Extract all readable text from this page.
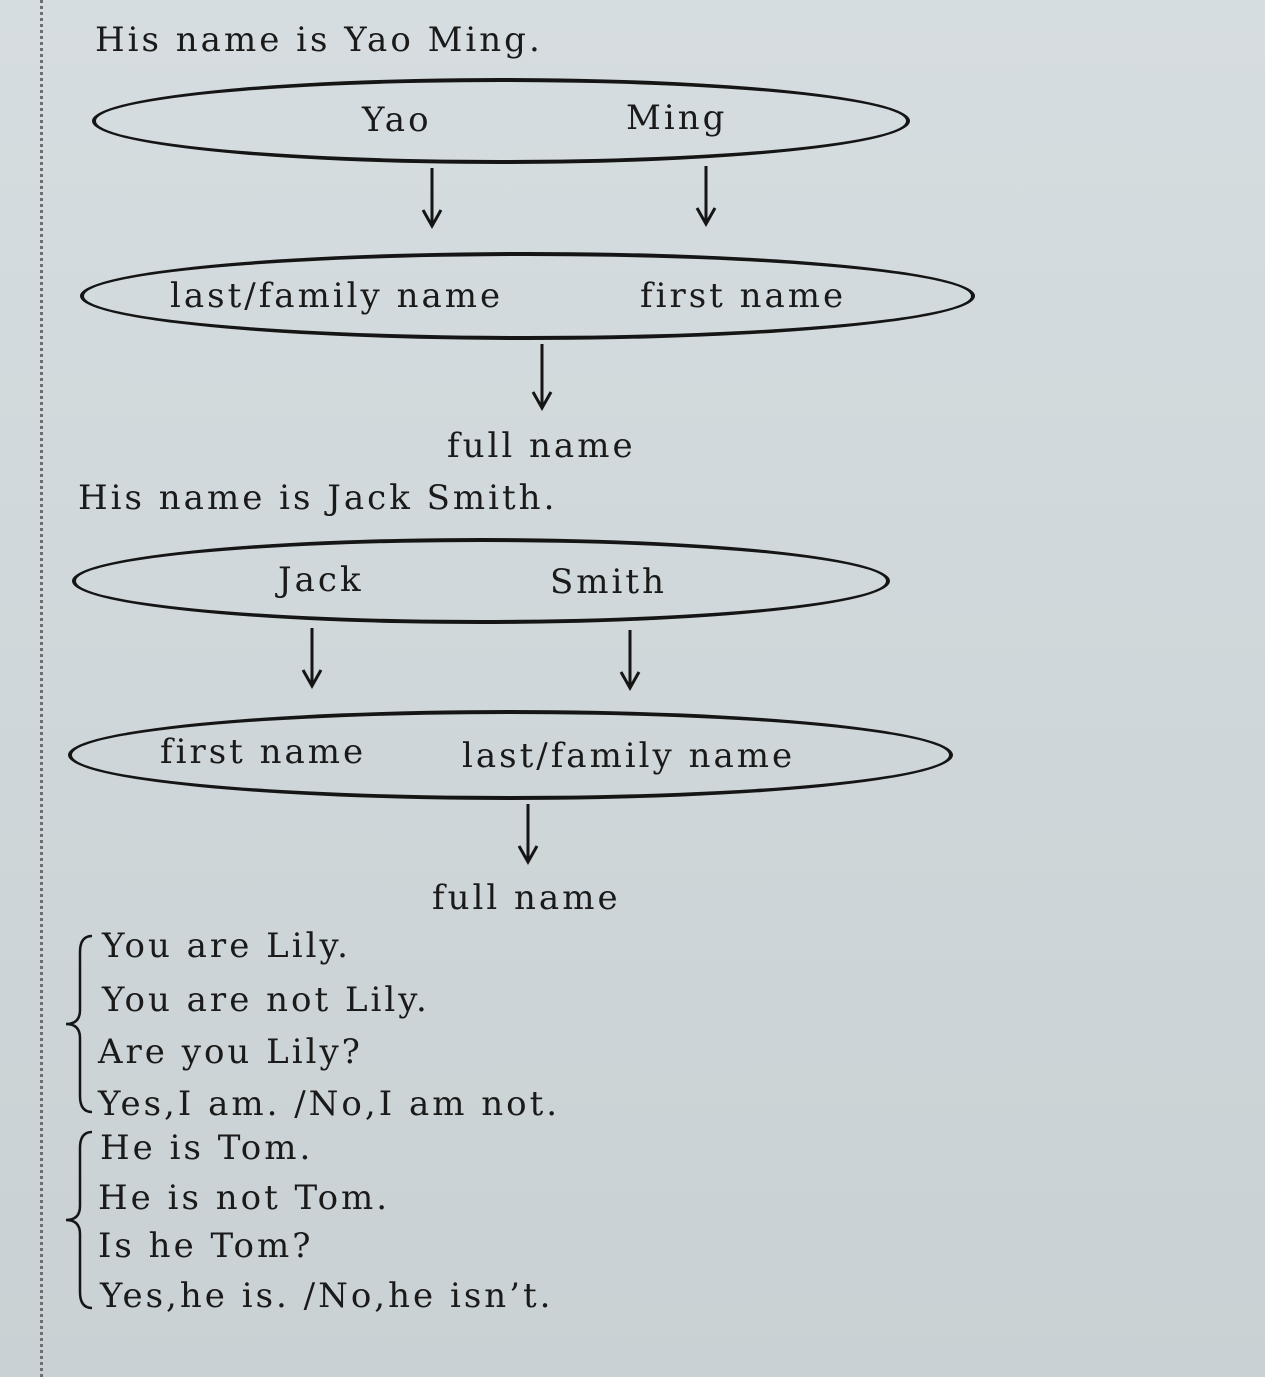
His name is Yao Ming.
Yao	Ming
last/family name	first name
full name
His name is Jack Smith.
Jack	Smith
first name	last/family name
full name
You are Lily.
You are not Lily.
Are you Lily?
Yes,I am. /No,I am not.
He is Tom.
He is not Tom.
Is he Tom?
Yes,he is. /No,he isn’t.
